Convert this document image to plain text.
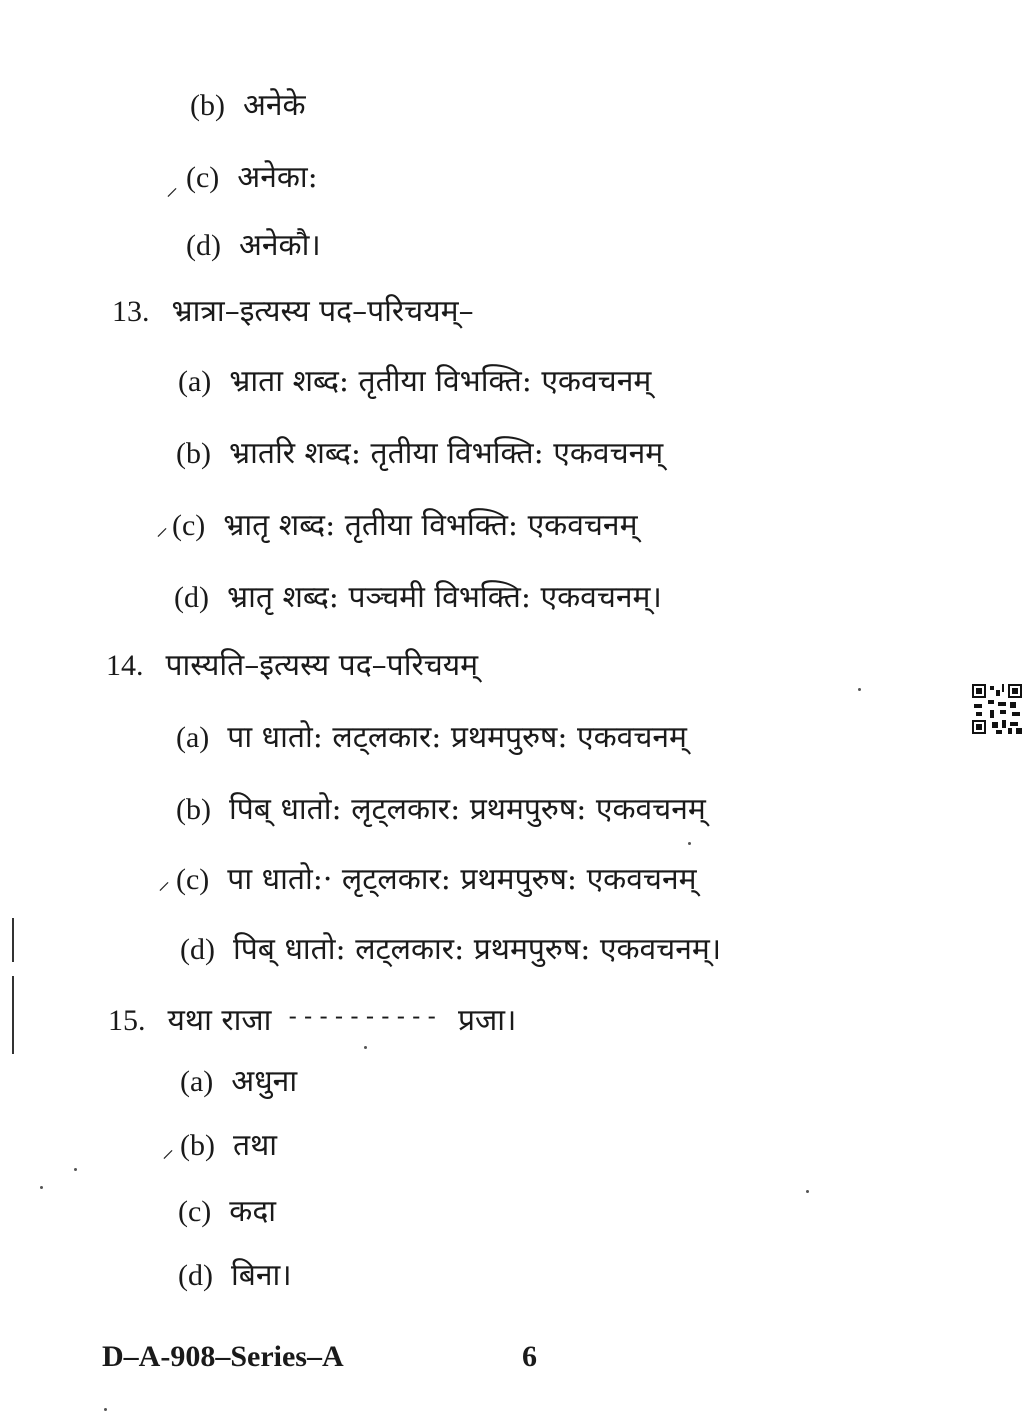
(b) अनेके
⸝ (c) अनेका:
(d) अनेकौ।
13. भ्रात्रा–इत्यस्य पद–परिचयम्–
(a) भ्राता शब्द: तृतीया विभक्ति: एकवचनम्
(b) भ्रातरि शब्द: तृतीया विभक्ति: एकवचनम्
⸝ (c) भ्रातृ शब्द: तृतीया विभक्ति: एकवचनम्
(d) भ्रातृ शब्द: पञ्चमी विभक्ति: एकवचनम्।
14. पास्यति–इत्यस्य पद–परिचयम्
(a) पा धातो: लट्लकार: प्रथमपुरुष: एकवचनम्
(b) पिब् धातो: लृट्लकार: प्रथमपुरुष: एकवचनम्
⸝ (c) पा धातो:· लृट्लकार: प्रथमपुरुष: एकवचनम्
(d) पिब् धातो: लट्लकार: प्रथमपुरुष: एकवचनम्।
15. यथा राजा ---------- प्रजा।
(a) अधुना
⸝ (b) तथा
(c) कदा
(d) बिना।
D–A-908–Series–A	6
